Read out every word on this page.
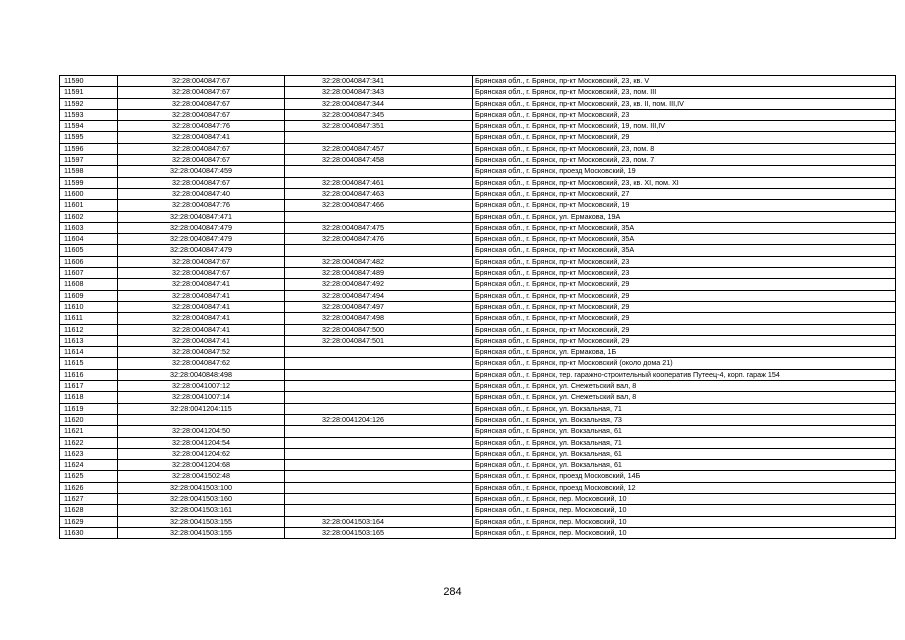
11590	32:28:0040847:67	32:28:0040847:341	Брянская обл., г. Брянск, пр-кт Московский, 23, кв. V
11591	32:28:0040847:67	32:28:0040847:343	Брянская обл., г. Брянск, пр-кт Московский, 23, пом. III
11592	32:28:0040847:67	32:28:0040847:344	Брянская обл., г. Брянск, пр-кт Московский, 23, кв. II, пом. III,IV
11593	32:28:0040847:67	32:28:0040847:345	Брянская обл., г. Брянск, пр-кт Московский, 23
11594	32:28:0040847:76	32:28:0040847:351	Брянская обл., г. Брянск, пр-кт Московский, 19, пом. III,IV
11595	32:28:0040847:41		Брянская обл., г. Брянск, пр-кт Московский, 29
11596	32:28:0040847:67	32:28:0040847:457	Брянская обл., г. Брянск, пр-кт Московский, 23, пом. 8
11597	32:28:0040847:67	32:28:0040847:458	Брянская обл., г. Брянск, пр-кт Московский, 23, пом. 7
11598	32:28:0040847:459		Брянская обл., г. Брянск, проезд Московский, 19
11599	32:28:0040847:67	32:28:0040847:461	Брянская обл., г. Брянск, пр-кт Московский, 23, кв. XI, пом. XI
11600	32:28:0040847:40	32:28:0040847:463	Брянская обл., г. Брянск, пр-кт Московский, 27
11601	32:28:0040847:76	32:28:0040847:466	Брянская обл., г. Брянск, пр-кт Московский, 19
11602	32:28:0040847:471		Брянская обл., г. Брянск, ул. Ермакова, 19А
11603	32:28:0040847:479	32:28:0040847:475	Брянская обл., г. Брянск, пр-кт Московский, 35А
11604	32:28:0040847:479	32:28:0040847:476	Брянская обл., г. Брянск, пр-кт Московский, 35А
11605	32:28:0040847:479		Брянская обл., г. Брянск, пр-кт Московский, 35А
11606	32:28:0040847:67	32:28:0040847:482	Брянская обл., г. Брянск, пр-кт Московский, 23
11607	32:28:0040847:67	32:28:0040847:489	Брянская обл., г. Брянск, пр-кт Московский, 23
11608	32:28:0040847:41	32:28:0040847:492	Брянская обл., г. Брянск, пр-кт Московский, 29
11609	32:28:0040847:41	32:28:0040847:494	Брянская обл., г. Брянск, пр-кт Московский, 29
11610	32:28:0040847:41	32:28:0040847:497	Брянская обл., г. Брянск, пр-кт Московский, 29
11611	32:28:0040847:41	32:28:0040847:498	Брянская обл., г. Брянск, пр-кт Московский, 29
11612	32:28:0040847:41	32:28:0040847:500	Брянская обл., г. Брянск, пр-кт Московский, 29
11613	32:28:0040847:41	32:28:0040847:501	Брянская обл., г. Брянск, пр-кт Московский, 29
11614	32:28:0040847:52		Брянская обл., г. Брянск, ул. Ермакова, 1Б
11615	32:28:0040847:62		Брянская обл., г. Брянск, пр-кт Московский (около дома 21)
11616	32:28:0040848:498		Брянская обл., г. Брянск, тер. гаражно-строительный кооператив Путеец-4, корп. гараж 154
11617	32:28:0041007:12		Брянская обл., г. Брянск, ул. Снежетьский вал, 8
11618	32:28:0041007:14		Брянская обл., г. Брянск, ул. Снежетьский вал, 8
11619	32:28:0041204:115		Брянская обл., г. Брянск, ул. Вокзальная, 71
11620		32:28:0041204:126	Брянская обл., г. Брянск, ул. Вокзальная, 73
11621	32:28:0041204:50		Брянская обл., г. Брянск, ул. Вокзальная, 61
11622	32:28:0041204:54		Брянская обл., г. Брянск, ул. Вокзальная, 71
11623	32:28:0041204:62		Брянская обл., г. Брянск, ул. Вокзальная, 61
11624	32:28:0041204:68		Брянская обл., г. Брянск, ул. Вокзальная, 61
11625	32:28:0041502:48		Брянская обл., г. Брянск, проезд Московский, 14Б
11626	32:28:0041503:100		Брянская обл., г. Брянск, проезд Московский, 12
11627	32:28:0041503:160		Брянская обл., г. Брянск, пер. Московский, 10
11628	32:28:0041503:161		Брянская обл., г. Брянск, пер. Московский, 10
11629	32:28:0041503:155	32:28:0041503:164	Брянская обл., г. Брянск, пер. Московский, 10
11630	32:28:0041503:155	32:28:0041503:165	Брянская обл., г. Брянск, пер. Московский, 10
284
